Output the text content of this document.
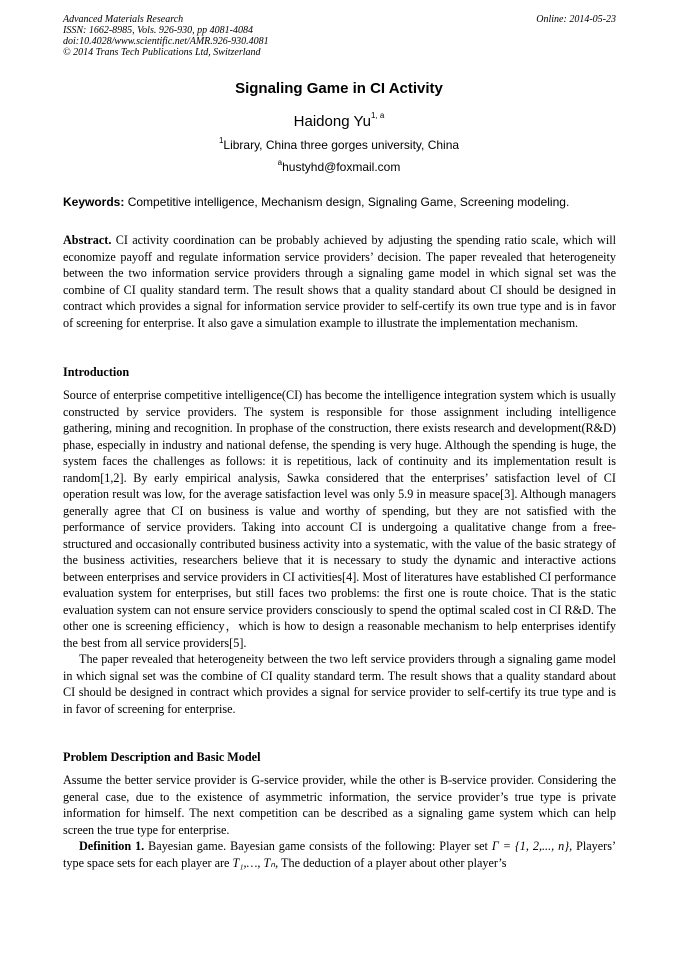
Advanced Materials Research
ISSN: 1662-8985, Vols. 926-930, pp 4081-4084
doi:10.4028/www.scientific.net/AMR.926-930.4081
© 2014 Trans Tech Publications Ltd, Switzerland
Online: 2014-05-23
Signaling Game in CI Activity
Haidong Yu$^{1, a}$
$^1$Library, China three gorges university, China
$^a$hustyhd@foxmail.com
Keywords: Competitive intelligence, Mechanism design, Signaling Game, Screening modeling.

Abstract. CI activity coordination can be probably achieved by adjusting the spending ratio scale, which will economize payoff and regulate information service providers’ decision. The paper revealed that heterogeneity between the two information service providers through a signaling game model in which signal set was the combine of CI quality standard term. The result shows that a quality standard about CI should be designed in contract which provides a signal for information service provider to self-certify its own true type and is in favor of screening for enterprise. It also gave a simulation example to illustrate the implementation mechanism.

Introduction

Source of enterprise competitive intelligence(CI) has become the intelligence integration system which is usually constructed by service providers. The system is responsible for those assignment including intelligence gathering, mining and recognition. In prophase of the construction, there exists research and development(R&D) phase, especially in industry and national defense, the spending is very huge. Although the spending is huge, the system faces the challenges as follows: it is repetitious, lack of continuity and its implementation result is random[1,2]. By early empirical analysis, Sawka considered that the enterprises’ satisfaction level of CI operation result was low, for the average satisfaction level was only 5.9 in measure space[3]. Although managers generally agree that CI on business is value and worthy of spending, but they are not satisfied with the performance of service providers. Taking into account CI is undergoing a qualitative change from a free-structured and occasionally contributed business activity into a systematic, with the value of the basic strategy of the business activities, researchers believe that it is necessary to study the dynamic and interactive actions between enterprises and service providers in CI activities[4]. Most of literatures have established CI performance evaluation system for enterprises, but still faces two problems: the first one is route choice. That is the static evaluation system can not ensure service providers consciously to spend the optimal scaled cost in CI R&D. The other one is screening efficiency，which is how to design a reasonable mechanism to help enterprises identify the best from all service providers[5].

The paper revealed that heterogeneity between the two left service providers through a signaling game model in which signal set was the combine of CI quality standard term. The result shows that a quality standard about CI should be designed in contract which provides a signal for service provider to self-certify its true type and is in favor of screening for enterprise.

Problem Description and Basic Model

Assume the better service provider is G-service provider, while the other is B-service provider. Considering the general case, due to the existence of asymmetric information, the service provider’s true type is private information for himself. The next competition can be described as a signaling game system which can help screen the true type for enterprise.

Definition 1. Bayesian game. Bayesian game consists of the following: Player set Γ = {1, 2,..., n}, Players’ type space sets for each player are T₁,…, Tₙ, The deduction of a player about other player’s
